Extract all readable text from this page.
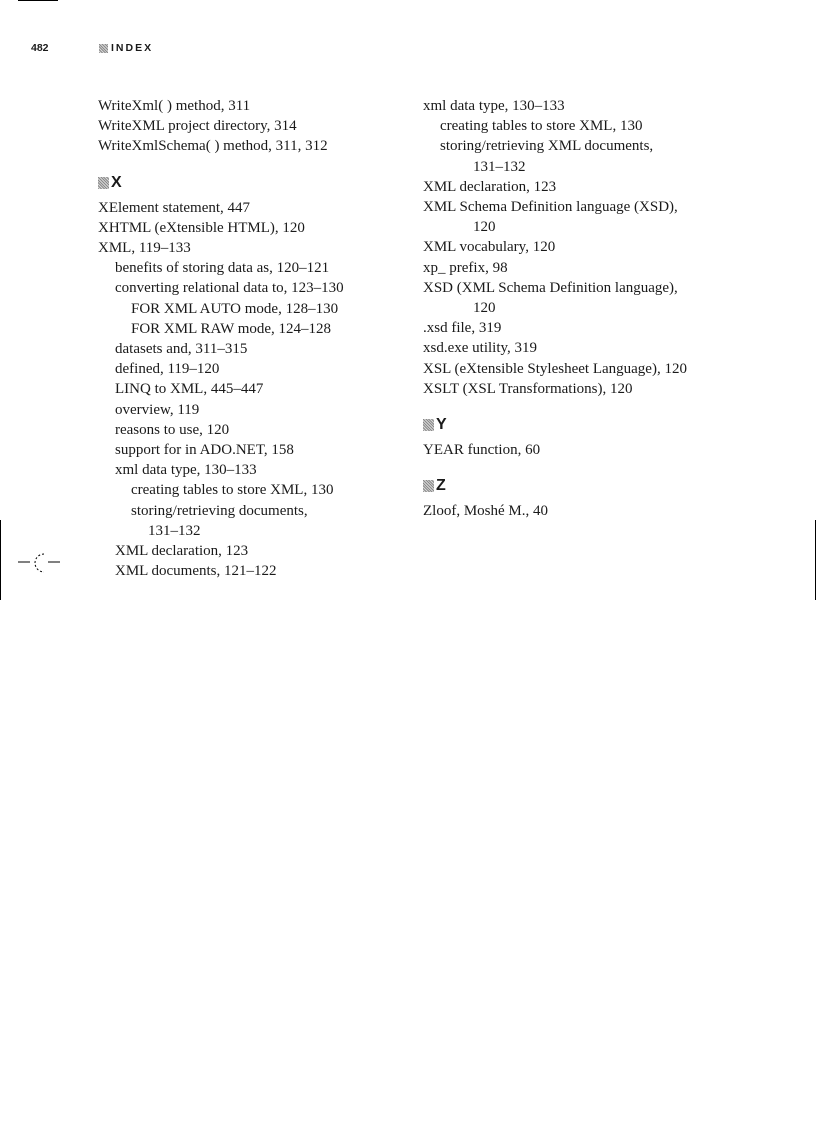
482	INDEX
WriteXml( ) method, 311
WriteXML project directory, 314
WriteXmlSchema( ) method, 311, 312
X
XElement statement, 447
XHTML (eXtensible HTML), 120
XML, 119–133
benefits of storing data as, 120–121
converting relational data to, 123–130
FOR XML AUTO mode, 128–130
FOR XML RAW mode, 124–128
datasets and, 311–315
defined, 119–120
LINQ to XML, 445–447
overview, 119
reasons to use, 120
support for in ADO.NET, 158
xml data type, 130–133
creating tables to store XML, 130
storing/retrieving documents,
131–132
XML declaration, 123
XML documents, 121–122
xml data type, 130–133
creating tables to store XML, 130
storing/retrieving XML documents,
131–132
XML declaration, 123
XML Schema Definition language (XSD),
120
XML vocabulary, 120
xp_ prefix, 98
XSD (XML Schema Definition language),
120
.xsd file, 319
xsd.exe utility, 319
XSL (eXtensible Stylesheet Language), 120
XSLT (XSL Transformations), 120
Y
YEAR function, 60
Z
Zloof, Moshé M., 40
